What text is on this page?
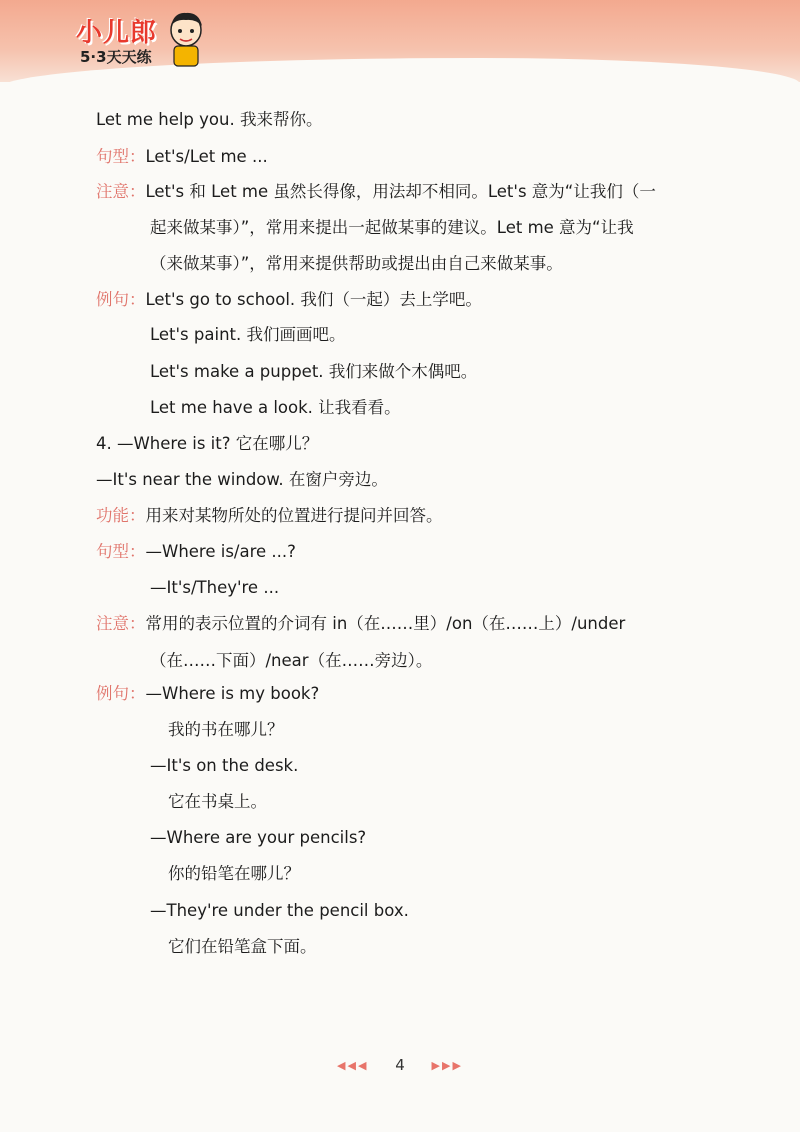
小儿郎
5·3天天练
Let me help you. 我来帮你。
句型：Let's/Let me ...
注意：Let's 和 Let me 虽然长得像，用法却不相同。Let's 意为“让我们（一
起来做某事）”，常用来提出一起做某事的建议。Let me 意为“让我
（来做某事）”，常用来提供帮助或提出由自己来做某事。
例句：Let's go to school. 我们（一起）去上学吧。
Let's paint. 我们画画吧。
Let's make a puppet. 我们来做个木偶吧。
Let me have a look. 让我看看。
4. —Where is it? 它在哪儿？
—It's near the window. 在窗户旁边。
功能：用来对某物所处的位置进行提问并回答。
句型：—Where is/are ...?
—It's/They're ...
注意：常用的表示位置的介词有 in（在……里）/on（在……上）/under
（在……下面）/near（在……旁边）。
例句：—Where is my book?
我的书在哪儿？
—It's on the desk.
它在书桌上。
—Where are your pencils?
你的铅笔在哪儿？
—They're under the pencil box.
它们在铅笔盒下面。
◀◀◀ 4 ▶▶▶
